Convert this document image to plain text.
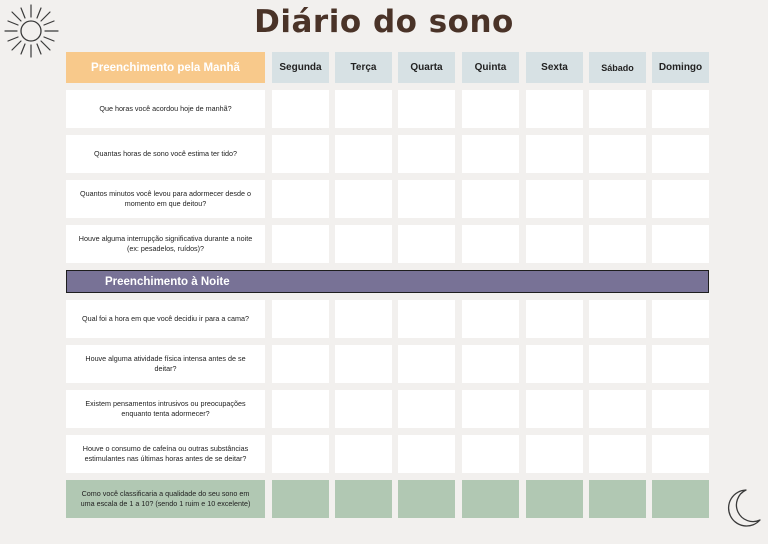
Diário do sono
Preenchimento pela Manhã	Segunda	Terça	Quarta	Quinta	Sexta	Sábado	Domingo
Que horas você acordou hoje de manhã?
Quantas horas de sono você estima ter tido?
Quantos minutos você levou para adormecer desde o momento em que deitou?
Houve alguma interrupção significativa durante a noite (ex: pesadelos, ruídos)?
Preenchimento à Noite
Qual foi a hora em que você decidiu ir para a cama?
Houve alguma atividade física intensa antes de se deitar?
Existem pensamentos intrusivos ou preocupações enquanto tenta adormecer?
Houve o consumo de cafeína ou outras substâncias estimulantes nas últimas horas antes de se deitar?
Como você classificaria a qualidade do seu sono em uma escala de 1 a 10? (sendo 1 ruim e 10 excelente)
